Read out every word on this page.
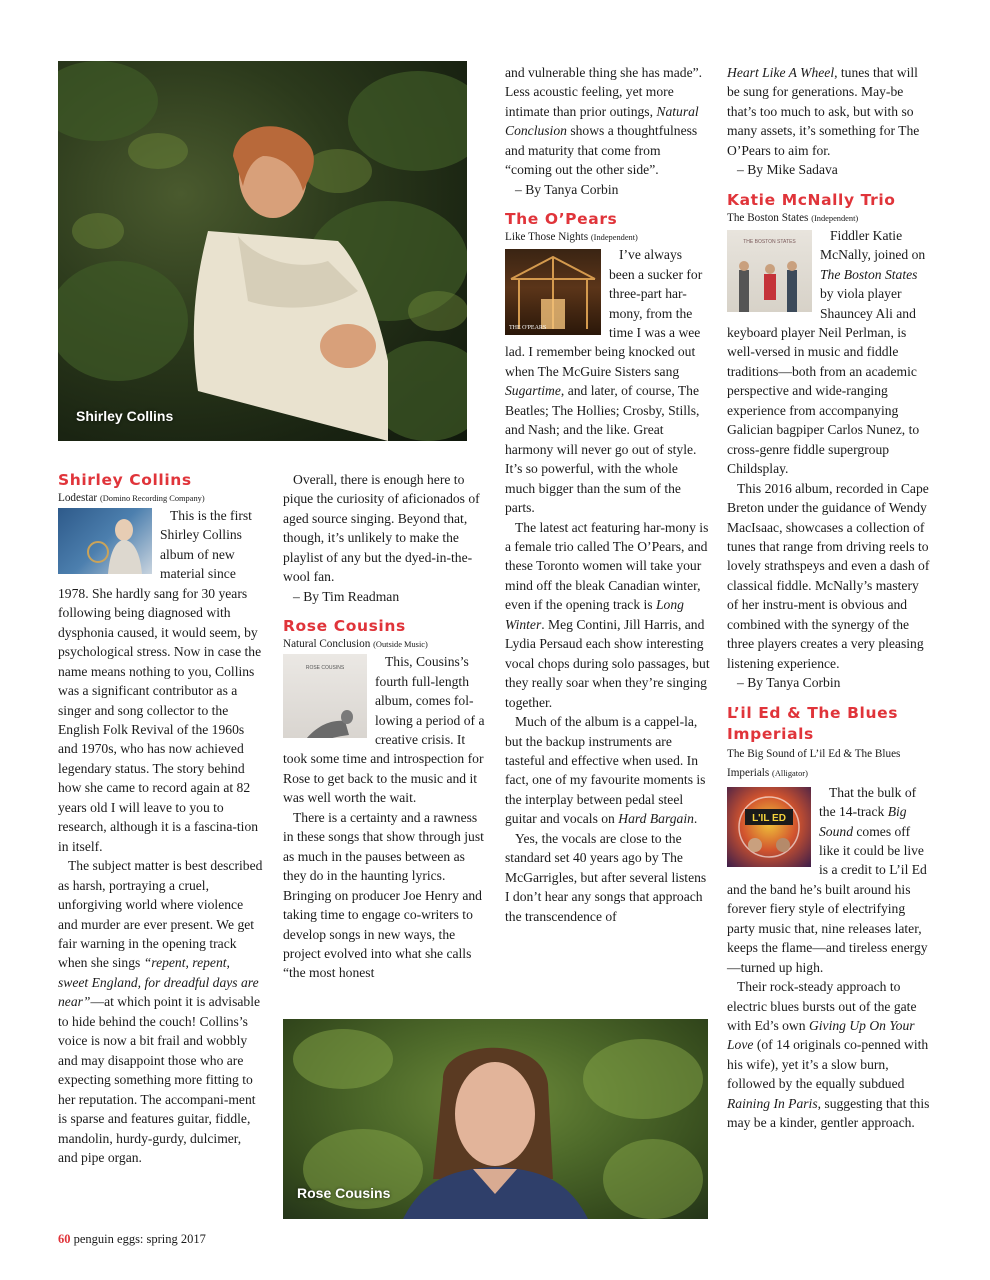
Shirley Collins
Rose Cousins
Shirley Collins

Lodestar (Domino Recording Company)

This is the first Shirley Collins album of new material since 1978. She hardly sang for 30 years following being diagnosed with dysphonia caused, it would seem, by psychological stress. Now in case the name means nothing to you, Collins was a significant contributor as a singer and song collector to the English Folk Revival of the 1960s and 1970s, who has now achieved legendary status. The story behind how she came to record again at 82 years old I will leave to you to research, although it is a fascina-tion in itself.

The subject matter is best described as harsh, portraying a cruel, unforgiving world where violence and murder are ever present. We get fair warning in the opening track when she sings “repent, repent, sweet England, for dreadful days are near”—at which point it is advisable to hide behind the couch! Collins’s voice is now a bit frail and wobbly and may disappoint those who are expecting something more fitting to her reputation. The accompani-ment is sparse and features guitar, fiddle, mandolin, hurdy-gurdy, dulcimer, and pipe organ.

Overall, there is enough here to pique the curiosity of aficionados of aged source singing. Beyond that, though, it’s unlikely to make the playlist of any but the dyed-in-the-wool fan.

– By Tim Readman

Rose Cousins

Natural Conclusion (Outside Music)

ROSE COUSINS	This, Cousins’s fourth full-length album, comes fol-lowing a period of a creative crisis. It took some time and introspection for Rose to get back to the music and it was well worth the wait.

There is a certainty and a rawness in these songs that show through just as much in the pauses between as they do in the haunting lyrics. Bringing on producer Joe Henry and taking time to engage co-writers to develop songs in new ways, the project evolved into what she calls “the most honest

and vulnerable thing she has made”. Less acoustic feeling, yet more intimate than prior outings, Natural Conclusion shows a thoughtfulness and maturity that come from “coming out the other side”.

– By Tanya Corbin

The O’Pears

Like Those Nights (Independent)

THE O'PEARS

I’ve always been a sucker for three-part har-mony, from the time I was a wee lad. I remember being knocked out when The McGuire Sisters sang Sugartime, and later, of course, The Beatles; The Hollies; Crosby, Stills, and Nash; and the like. Great harmony will never go out of style. It’s so powerful, with the whole much bigger than the sum of the parts.

The latest act featuring har-mony is a female trio called The O’Pears, and these Toronto women will take your mind off the bleak Canadian winter, even if the opening track is Long Winter. Meg Contini, Jill Harris, and Lydia Persaud each show interesting vocal chops during solo passages, but they really soar when they’re singing together.

Much of the album is a cappel-la, but the backup instruments are tasteful and effective when used. In fact, one of my favourite moments is the interplay between pedal steel guitar and vocals on Hard Bargain.

Yes, the vocals are close to the standard set 40 years ago by The McGarrigles, but after several listens I don’t hear any songs that approach the transcendence of

Heart Like A Wheel, tunes that will be sung for generations. May-be that’s too much to ask, but with so many assets, it’s something for The O’Pears to aim for.

– By Mike Sadava

Katie McNally Trio

The Boston States (Independent)

THE BOSTON STATES	Fiddler Katie McNally, joined on The Boston States by viola player Shauncey Ali and keyboard player Neil Perlman, is well-versed in music and fiddle traditions—both from an academic perspective and wide-ranging experience from accompanying Galician bagpiper Carlos Nunez, to cross-genre fiddle supergroup Childsplay.

This 2016 album, recorded in Cape Breton under the guidance of Wendy MacIsaac, showcases a collection of tunes that range from driving reels to lovely strathspeys and even a dash of classical fiddle. McNally’s mastery of her instru-ment is obvious and combined with the synergy of the three players creates a very pleasing listening experience.

– By Tanya Corbin

L’il Ed & The Blues Imperials

The Big Sound of L’il Ed & The Blues Imperials (Alligator)

L'IL ED

That the bulk of the 14-track Big Sound comes off like it could be live is a credit to L’il Ed and the band he’s built around his forever fiery style of electrifying party music that, nine releases later, keeps the flame—and tireless energy—turned up high.

Their rock-steady approach to electric blues bursts out of the gate with Ed’s own Giving Up On Your Love (of 14 originals co-penned with his wife), yet it’s a slow burn, followed by the equally subdued Raining In Paris, suggesting that this may be a kinder, gentler approach.

60 penguin eggs: spring 2017
